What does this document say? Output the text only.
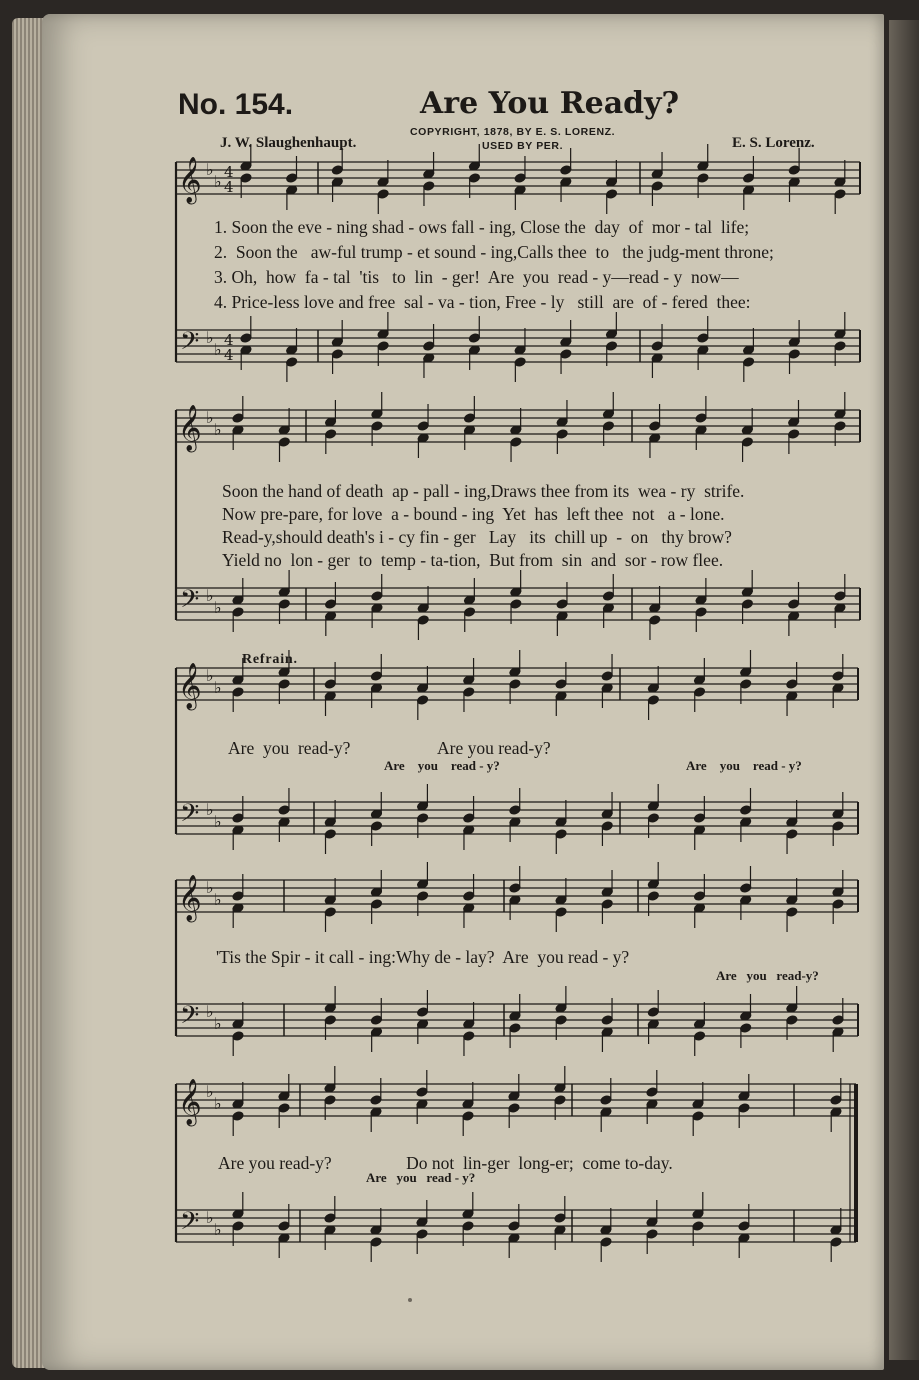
No. 154.	Are You Ready?
COPYRIGHT, 1878, BY E. S. LORENZ.
USED BY PER.
J. W. Slaughenhaupt.	E. S. Lorenz.
𝄞 ♭
♭ 4
4
𝄢 ♭
♭ 4
4
𝄞 ♭
♭
𝄢 ♭
♭
𝄞 ♭
♭
𝄢 ♭
♭
𝄞 ♭
♭
𝄢 ♭
♭
𝄞 ♭
♭
𝄢 ♭
♭
1. Soon the eve - ning shad - ows fall - ing, Close the  day  of  mor - tal  life;
2.  Soon the   aw-ful trump - et sound - ing,Calls thee  to   the judg-ment throne;
3. Oh,  how  fa - tal  'tis   to  lin  - ger!  Are  you  read - y—read - y  now—
4. Price-less love and free  sal - va - tion, Free - ly   still  are  of - fered  thee:
Soon the hand of death  ap - pall - ing,Draws thee from its  wea - ry  strife.
Now pre-pare, for love  a - bound - ing  Yet  has  left thee  not   a - lone.
Read-y,should death's i - cy fin - ger   Lay   its  chill up  -  on   thy brow?
Yield no  lon - ger  to  temp - ta-tion,  But from  sin  and  sor - row flee.
Refrain.
Are  you  read-y?                    Are you read-y?
Are    you    read - y?	Are    you    read - y?
'Tis the Spir - it call - ing:Why de - lay?  Are  you read - y?
Are   you   read-y?
Are you read-y?                 Do not  lin-ger  long-er;  come to-day.
Are   you   read - y?
